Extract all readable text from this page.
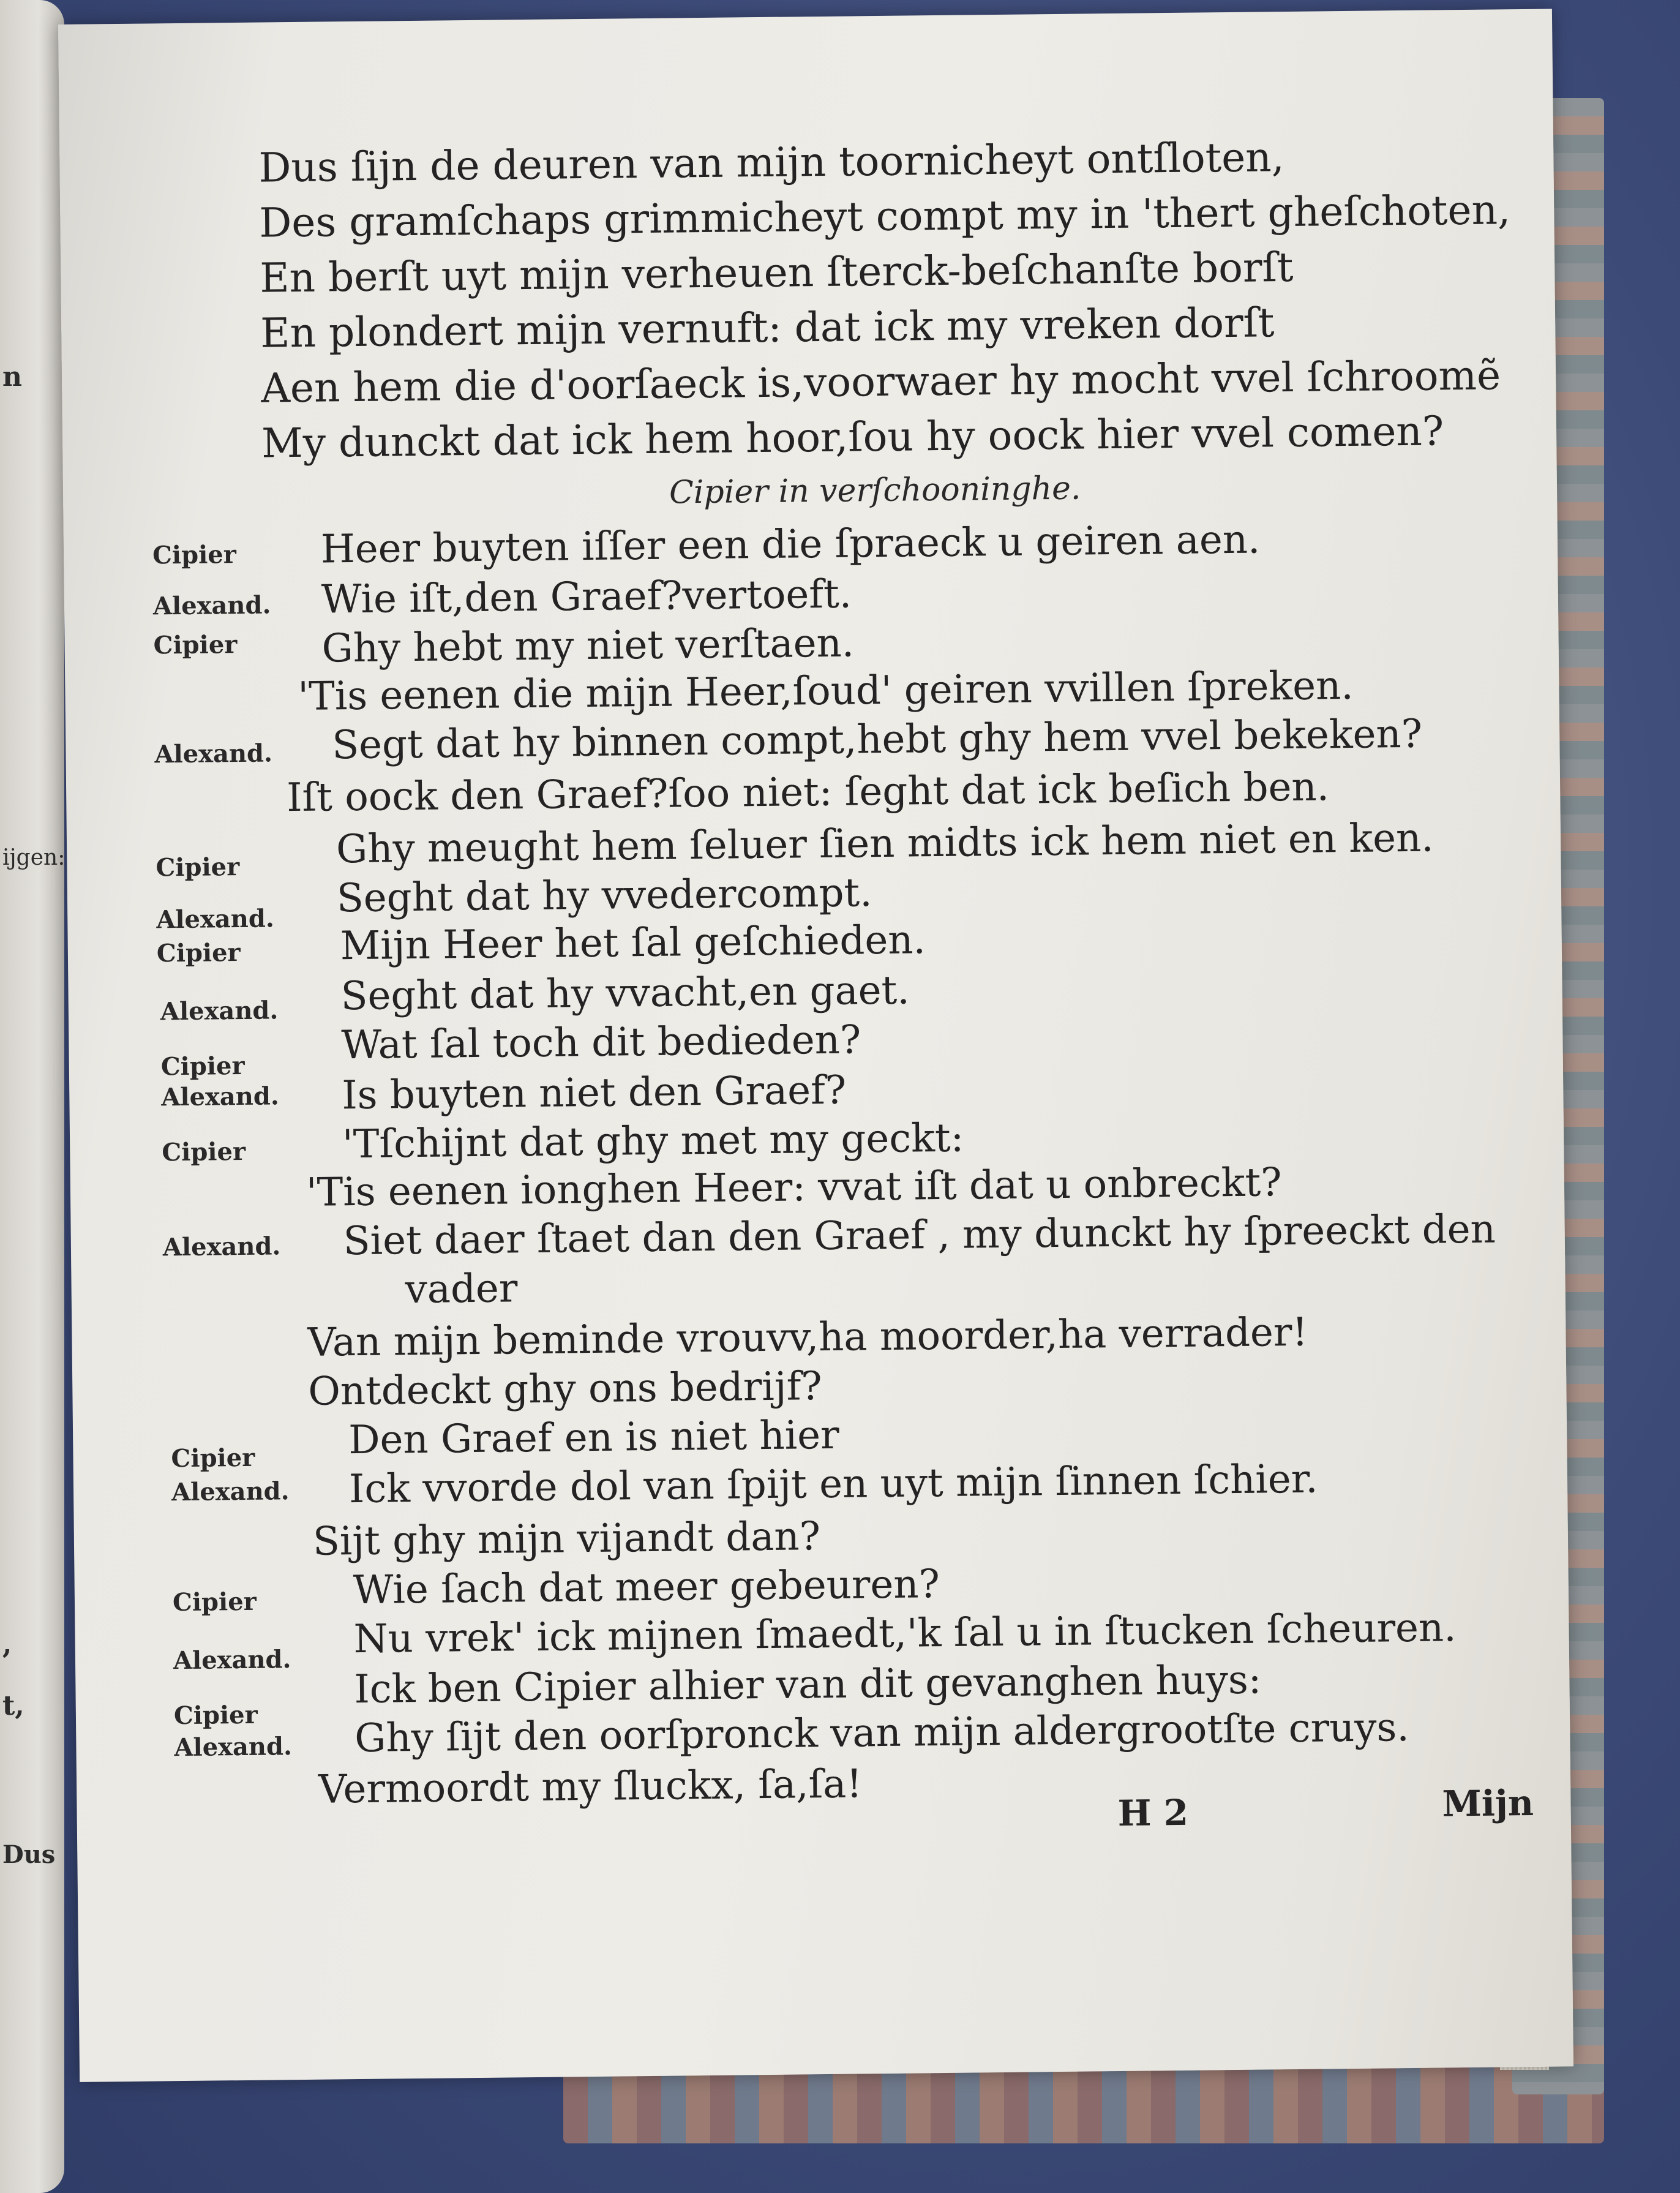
n
ijgen:
,
t,
Dus
Dus ſijn de deuren van mijn toornicheyt ontſloten,
Des gramſchaps grimmicheyt compt my in 'thert gheſchoten,
En berſt uyt mijn verheuen ſterck-beſchanſte borſt
En plondert mijn vernuft: dat ick my vreken dorſt
Aen hem die d'oorſaeck is,voorwaer hy mocht vvel ſchroomẽ
My dunckt dat ick hem hoor,ſou hy oock hier vvel comen?
Cipier in verſchooninghe.
Cipier Heer buyten iſſer een die ſpraeck u geiren aen.
Alexand. Wie iſt,den Graef?vertoeft.
Cipier Ghy hebt my niet verſtaen.
'Tis eenen die mijn Heer,ſoud' geiren vvillen ſpreken.
Alexand. Segt dat hy binnen compt,hebt ghy hem vvel bekeken?
Iſt oock den Graef?ſoo niet: ſeght dat ick beſich ben.
Cipier Ghy meught hem ſeluer ſien midts ick hem niet en ken.
Alexand. Seght dat hy vvedercompt.
Cipier	Mijn Heer het ſal geſchieden.
Alexand. Seght dat hy vvacht,en gaet.
Cipier Wat ſal toch dit bedieden?
Alexand. Is buyten niet den Graef?
Cipier 'Tſchijnt dat ghy met my geckt:
'Tis eenen ionghen Heer: vvat iſt dat u onbreckt?
Alexand. Siet daer ſtaet dan den Graef , my dunckt hy ſpreeckt den
vader
Van mijn beminde vrouvv,ha moorder,ha verrader!
Ontdeckt ghy ons bedrijf?
Cipier Den Graef en is niet hier
Alexand. Ick vvorde dol van ſpijt en uyt mijn ſinnen ſchier.
Sijt ghy mijn vijandt dan?
Cipier Wie ſach dat meer gebeuren?
Alexand. Nu vrek' ick mijnen ſmaedt,'k ſal u in ſtucken ſcheuren.
Cipier
Ick ben Cipier alhier van dit gevanghen huys:
Alexand. Ghy ſijt den oorſpronck van mijn aldergrootſte cruys.
Vermoordt my ſluckx, ſa,ſa!
H 2	Mijn
